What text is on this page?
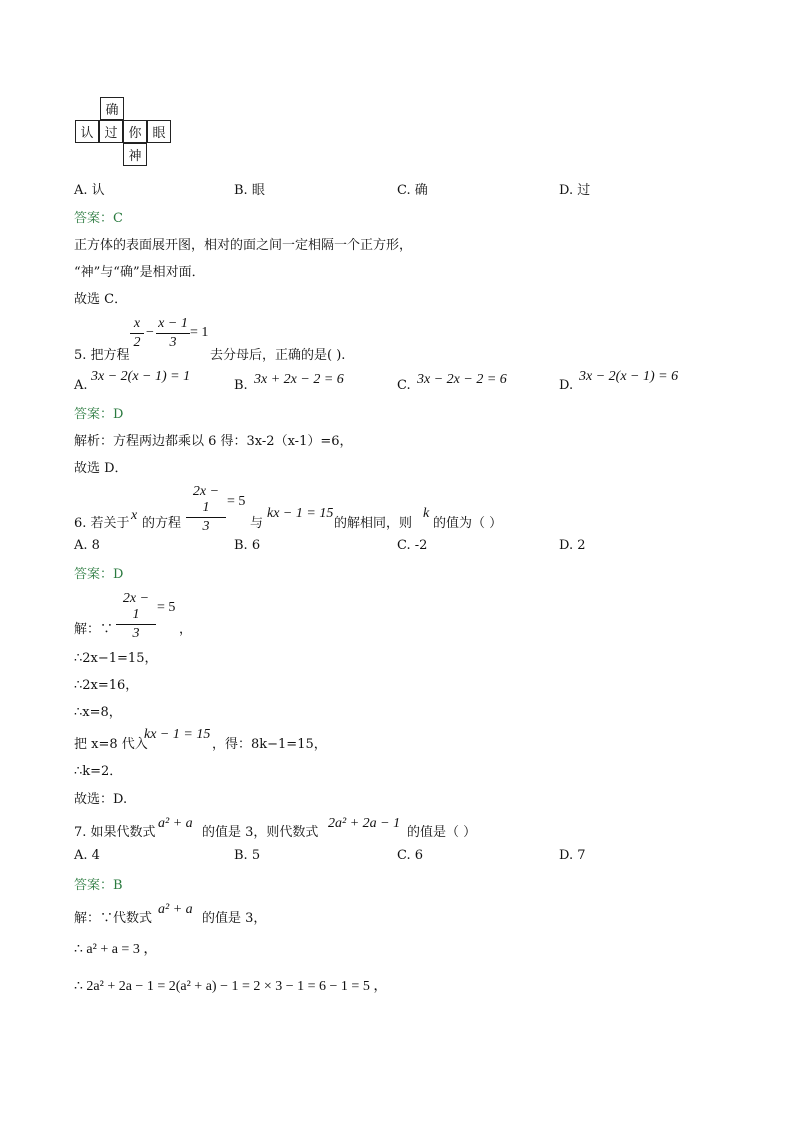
确
认 过 你 眼
神
A. 认	B. 眼	C. 确	D. 过
答案：C
正方体的表面展开图，相对的面之间一定相隔一个正方形，
“神”与“确”是相对面．
故选 C．
5. 把方程
x
2
−
x − 1
3
= 1
去分母后，正确的是( ).
A.
3x − 2(x − 1) = 1
B. 3x + 2x − 2 = 6	C. 3x − 2x − 2 = 6	D.
3x − 2(x − 1) = 6
答案：D
解析：方程两边都乘以 6 得：3x-2（x-1）=6，
故选 D．
6. 若关于
x
的方程
2x − 1
3
= 5
与
kx − 1 = 15
的解相同，则
k
的值为（ ）
A. 8	B. 6	C. -2	D. 2
答案：D
解：∵
2x − 1
3
= 5
，
∴2x−1=15，
∴2x=16，
∴x=8，
把 x=8 代入
kx − 1 = 15
，得：8k−1=15，
∴k=2．
故选：D.
7. 如果代数式
a² + a
的值是 3，则代数式
2a² + 2a − 1
的值是（ ）
A. 4	B. 5	C. 6	D. 7
答案：B
解：∵代数式
a² + a
的值是 3，
∴ a² + a = 3 ，
∴ 2a² + 2a − 1 = 2(a² + a) − 1 = 2 × 3 − 1 = 6 − 1 = 5 ，
